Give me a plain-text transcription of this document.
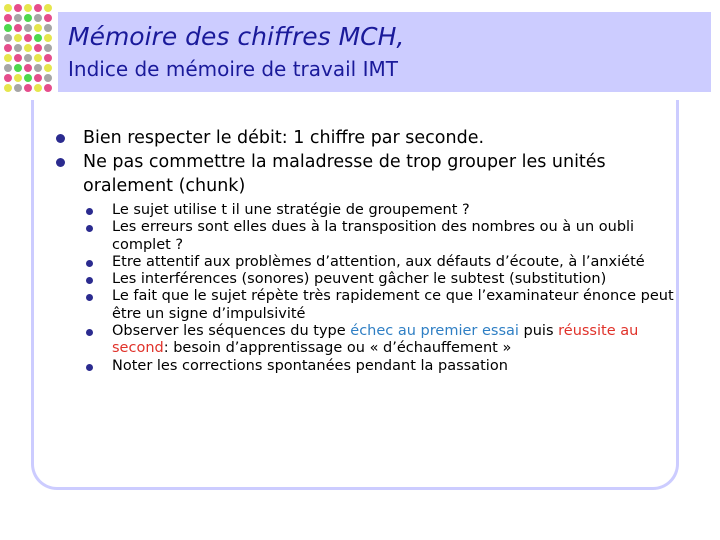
Mémoire des chiffres MCH,
Indice de mémoire de travail IMT
Bien respecter le débit: 1 chiffre par seconde.
Ne pas commettre la maladresse de trop grouper les unités oralement (chunk)
Le sujet utilise t il une stratégie de groupement ?
Les erreurs sont elles dues à la transposition des nombres ou à un oubli complet ?
Etre attentif aux problèmes d’attention, aux défauts d’écoute, à l’anxiété
Les interférences (sonores) peuvent gâcher le subtest (substitution)
Le fait que le sujet répète très rapidement ce que l’examinateur énonce peut être un signe d’impulsivité
Observer les séquences du type échec au premier essai puis réussite au second: besoin d’apprentissage ou « d’échauffement »
Noter les corrections spontanées pendant la passation
